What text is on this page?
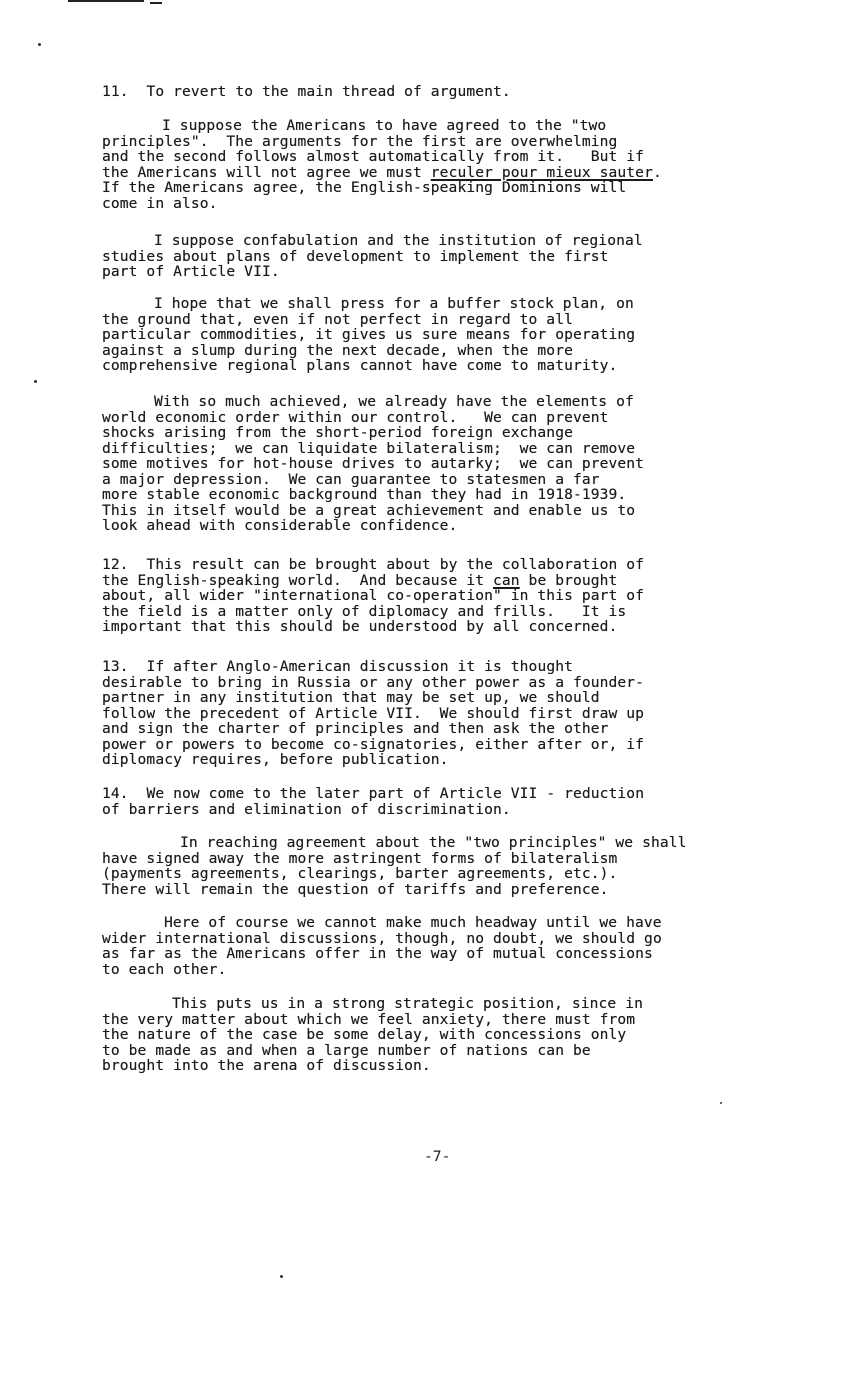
11. To revert to the main thread of argument.

I suppose the Americans to have agreed to the "two
principles".  The arguments for the first are overwhelming
and the second follows almost automatically from it.   But if
the Americans will not agree we must reculer pour mieux sauter.
If the Americans agree, the English-speaking Dominions will
come in also.
I suppose confabulation and the institution of regional
studies about plans of development to implement the first
part of Article VII.
I hope that we shall press for a buffer stock plan, on
the ground that, even if not perfect in regard to all
particular commodities, it gives us sure means for operating
against a slump during the next decade, when the more
comprehensive regional plans cannot have come to maturity.
With so much achieved, we already have the elements of
world economic order within our control.   We can prevent
shocks arising from the short-period foreign exchange
difficulties;  we can liquidate bilateralism;  we can remove
some motives for hot-house drives to autarky;  we can prevent
a major depression.  We can guarantee to statesmen a far
more stable economic background than they had in 1918-1939.
This in itself would be a great achievement and enable us to
look ahead with considerable confidence.
12. This result can be brought about by the collaboration of
the English-speaking world.  And because it can be brought
about, all wider "international co-operation" in this part of
the field is a matter only of diplomacy and frills.   It is
important that this should be understood by all concerned.
13. If after Anglo-American discussion it is thought
desirable to bring in Russia or any other power as a founder-
partner in any institution that may be set up, we should
follow the precedent of Article VII.  We should first draw up
and sign the charter of principles and then ask the other
power or powers to become co-signatories, either after or, if
diplomacy requires, before publication.
14. We now come to the later part of Article VII - reduction
of barriers and elimination of discrimination.
In reaching agreement about the "two principles" we shall
have signed away the more astringent forms of bilateralism
(payments agreements, clearings, barter agreements, etc.).
There will remain the question of tariffs and preference.
Here of course we cannot make much headway until we have
wider international discussions, though, no doubt, we should go
as far as the Americans offer in the way of mutual concessions
to each other.
This puts us in a strong strategic position, since in
the very matter about which we feel anxiety, there must from
the nature of the case be some delay, with concessions only
to be made as and when a large number of nations can be
brought into the arena of discussion.

-7-
